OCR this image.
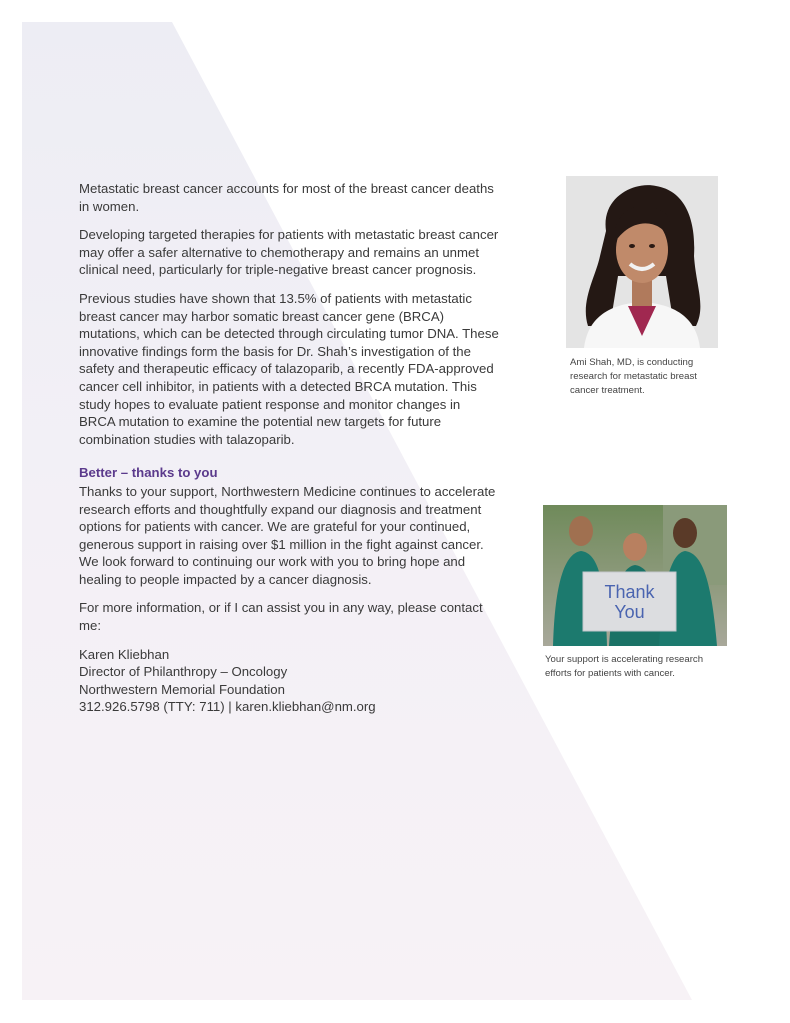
Metastatic breast cancer accounts for most of the breast cancer deaths in women.

Developing targeted therapies for patients with metastatic breast cancer may offer a safer alternative to chemotherapy and remains an unmet clinical need, particularly for triple-negative breast cancer prognosis.

Previous studies have shown that 13.5% of patients with metastatic breast cancer may harbor somatic breast cancer gene (BRCA) mutations, which can be detected through circulating tumor DNA. These innovative findings form the basis for Dr. Shah’s investigation of the safety and therapeutic efficacy of talazoparib, a recently FDA-approved cancer cell inhibitor, in patients with a detected BRCA mutation. This study hopes to evaluate patient response and monitor changes in BRCA mutation to examine the potential new targets for future combination studies with talazoparib.

Better – thanks to you

Thanks to your support, Northwestern Medicine continues to accelerate research efforts and thoughtfully expand our diagnosis and treatment options for patients with cancer. We are grateful for your continued, generous support in raising over $1 million in the fight against cancer. We look forward to continuing our work with you to bring hope and healing to people impacted by a cancer diagnosis.

For more information, or if I can assist you in any way, please contact me:

Karen Kliebhan
Director of Philanthropy – Oncology
Northwestern Memorial Foundation
312.926.5798 (TTY: 711) | karen.kliebhan@nm.org
Ami Shah, MD, is conducting research for metastatic breast cancer treatment.
Thank
You
Your support is accelerating research efforts for patients with cancer.
